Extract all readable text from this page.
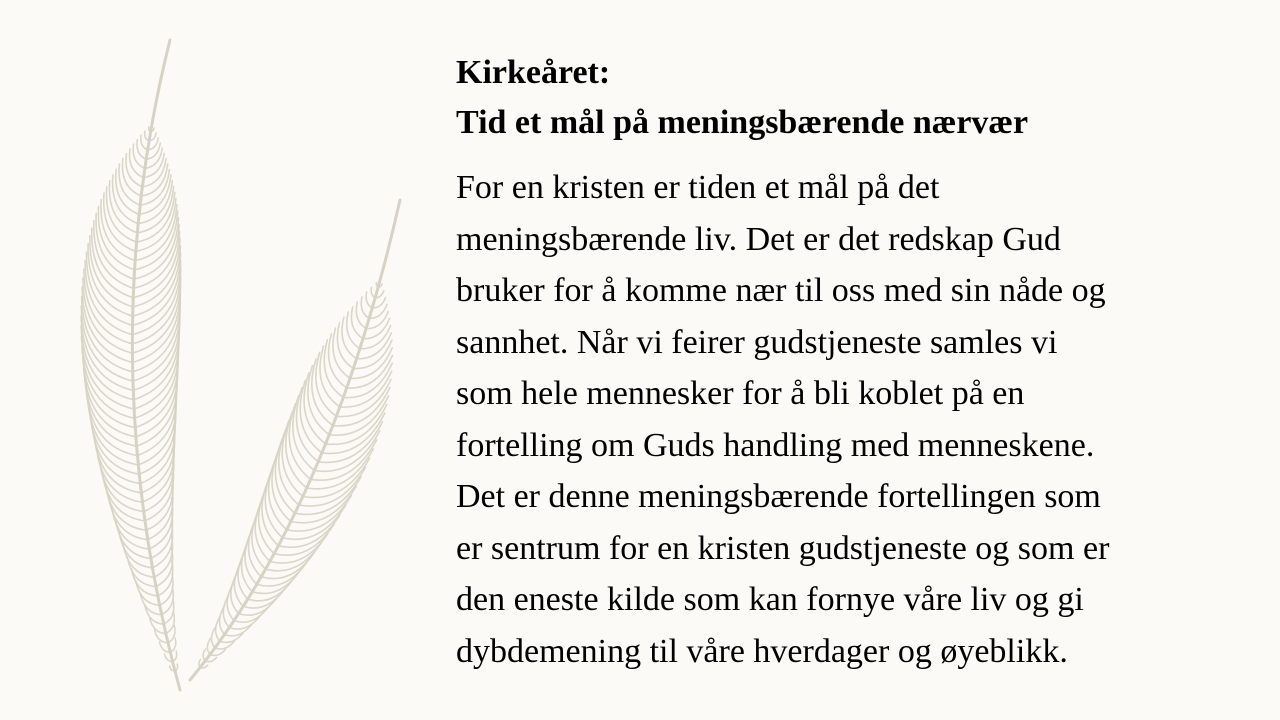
Kirkeåret:
Tid et mål på meningsbærende nærvær

For en kristen er tiden et mål på det
meningsbærende liv. Det er det redskap Gud
bruker for å komme nær til oss med sin nåde og
sannhet. Når vi feirer gudstjeneste samles vi
som hele mennesker for å bli koblet på en
fortelling om Guds handling med menneskene.
Det er denne meningsbærende fortellingen som
er sentrum for en kristen gudstjeneste og som er
den eneste kilde som kan fornye våre liv og gi
dybdemening til våre hverdager og øyeblikk.
